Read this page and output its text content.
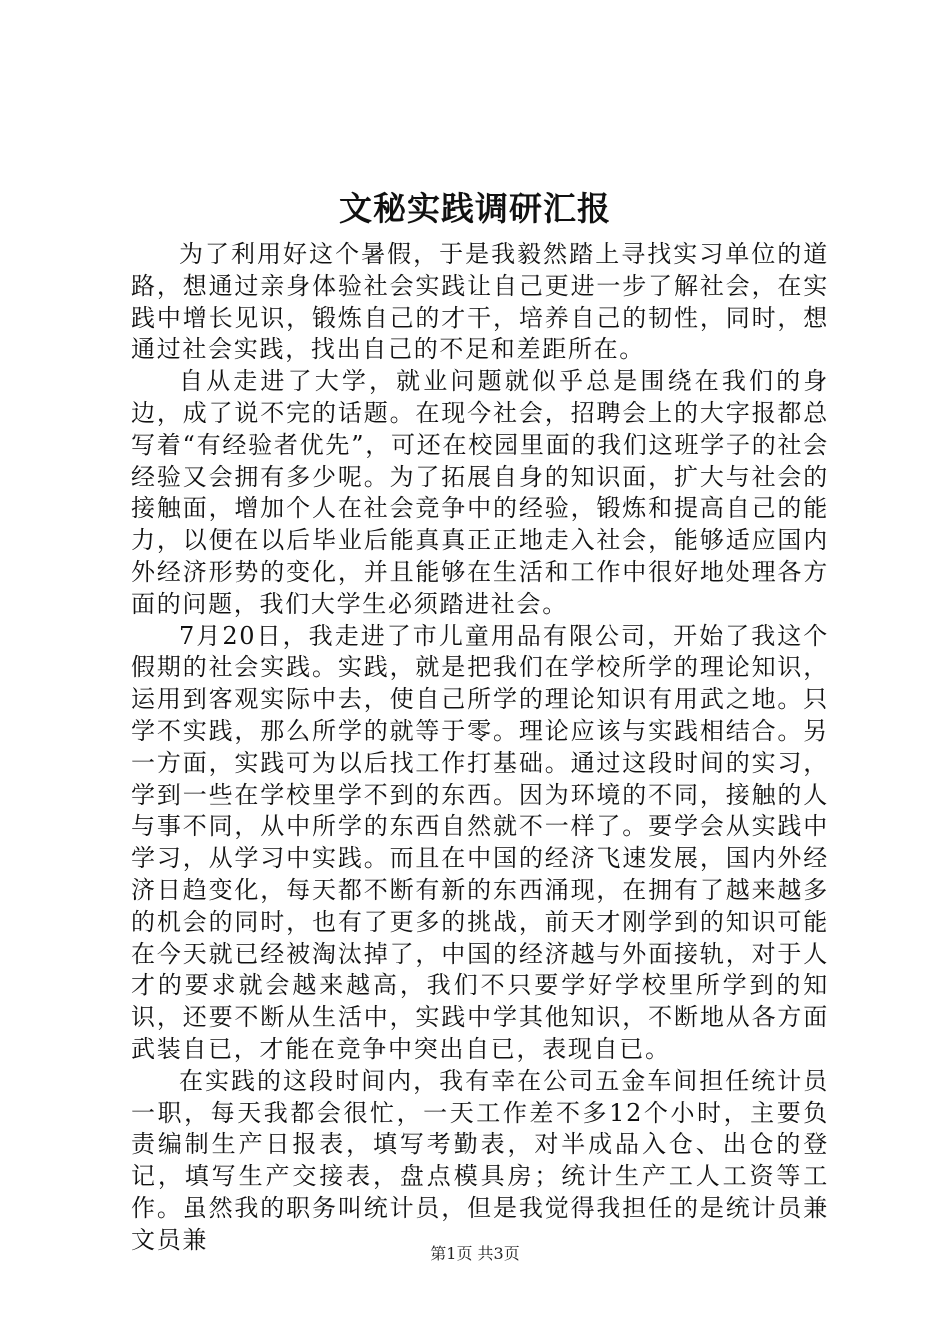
文秘实践调研汇报

为了利用好这个暑假，于是我毅然踏上寻找实习单位的道路，想通过亲身体验社会实践让自己更进一步了解社会，在实践中增长见识，锻炼自己的才干，培养自己的韧性，同时，想通过社会实践，找出自己的不足和差距所在。

自从走进了大学，就业问题就似乎总是围绕在我们的身边，成了说不完的话题。在现今社会，招聘会上的大字报都总写着“有经验者优先”，可还在校园里面的我们这班学子的社会经验又会拥有多少呢。为了拓展自身的知识面，扩大与社会的接触面，增加个人在社会竞争中的经验，锻炼和提高自己的能力，以便在以后毕业后能真真正正地走入社会，能够适应国内外经济形势的变化，并且能够在生活和工作中很好地处理各方面的问题，我们大学生必须踏进社会。

7月20日，我走进了市儿童用品有限公司，开始了我这个假期的社会实践。实践，就是把我们在学校所学的理论知识，运用到客观实际中去，使自己所学的理论知识有用武之地。只学不实践，那么所学的就等于零。理论应该与实践相结合。另一方面，实践可为以后找工作打基础。通过这段时间的实习，学到一些在学校里学不到的东西。因为环境的不同，接触的人与事不同，从中所学的东西自然就不一样了。要学会从实践中学习，从学习中实践。而且在中国的经济飞速发展，国内外经济日趋变化，每天都不断有新的东西涌现，在拥有了越来越多的机会的同时，也有了更多的挑战，前天才刚学到的知识可能在今天就已经被淘汰掉了，中国的经济越与外面接轨，对于人才的要求就会越来越高，我们不只要学好学校里所学到的知识，还要不断从生活中，实践中学其他知识，不断地从各方面武装自已，才能在竞争中突出自已，表现自已。

在实践的这段时间内，我有幸在公司五金车间担任统计员一职，每天我都会很忙，一天工作差不多12个小时，主要负责编制生产日报表，填写考勤表，对半成品入仓、出仓的登记，填写生产交接表，盘点模具房；统计生产工人工资等工作。虽然我的职务叫统计员，但是我觉得我担任的是统计员兼文员兼	第1页 共3页
